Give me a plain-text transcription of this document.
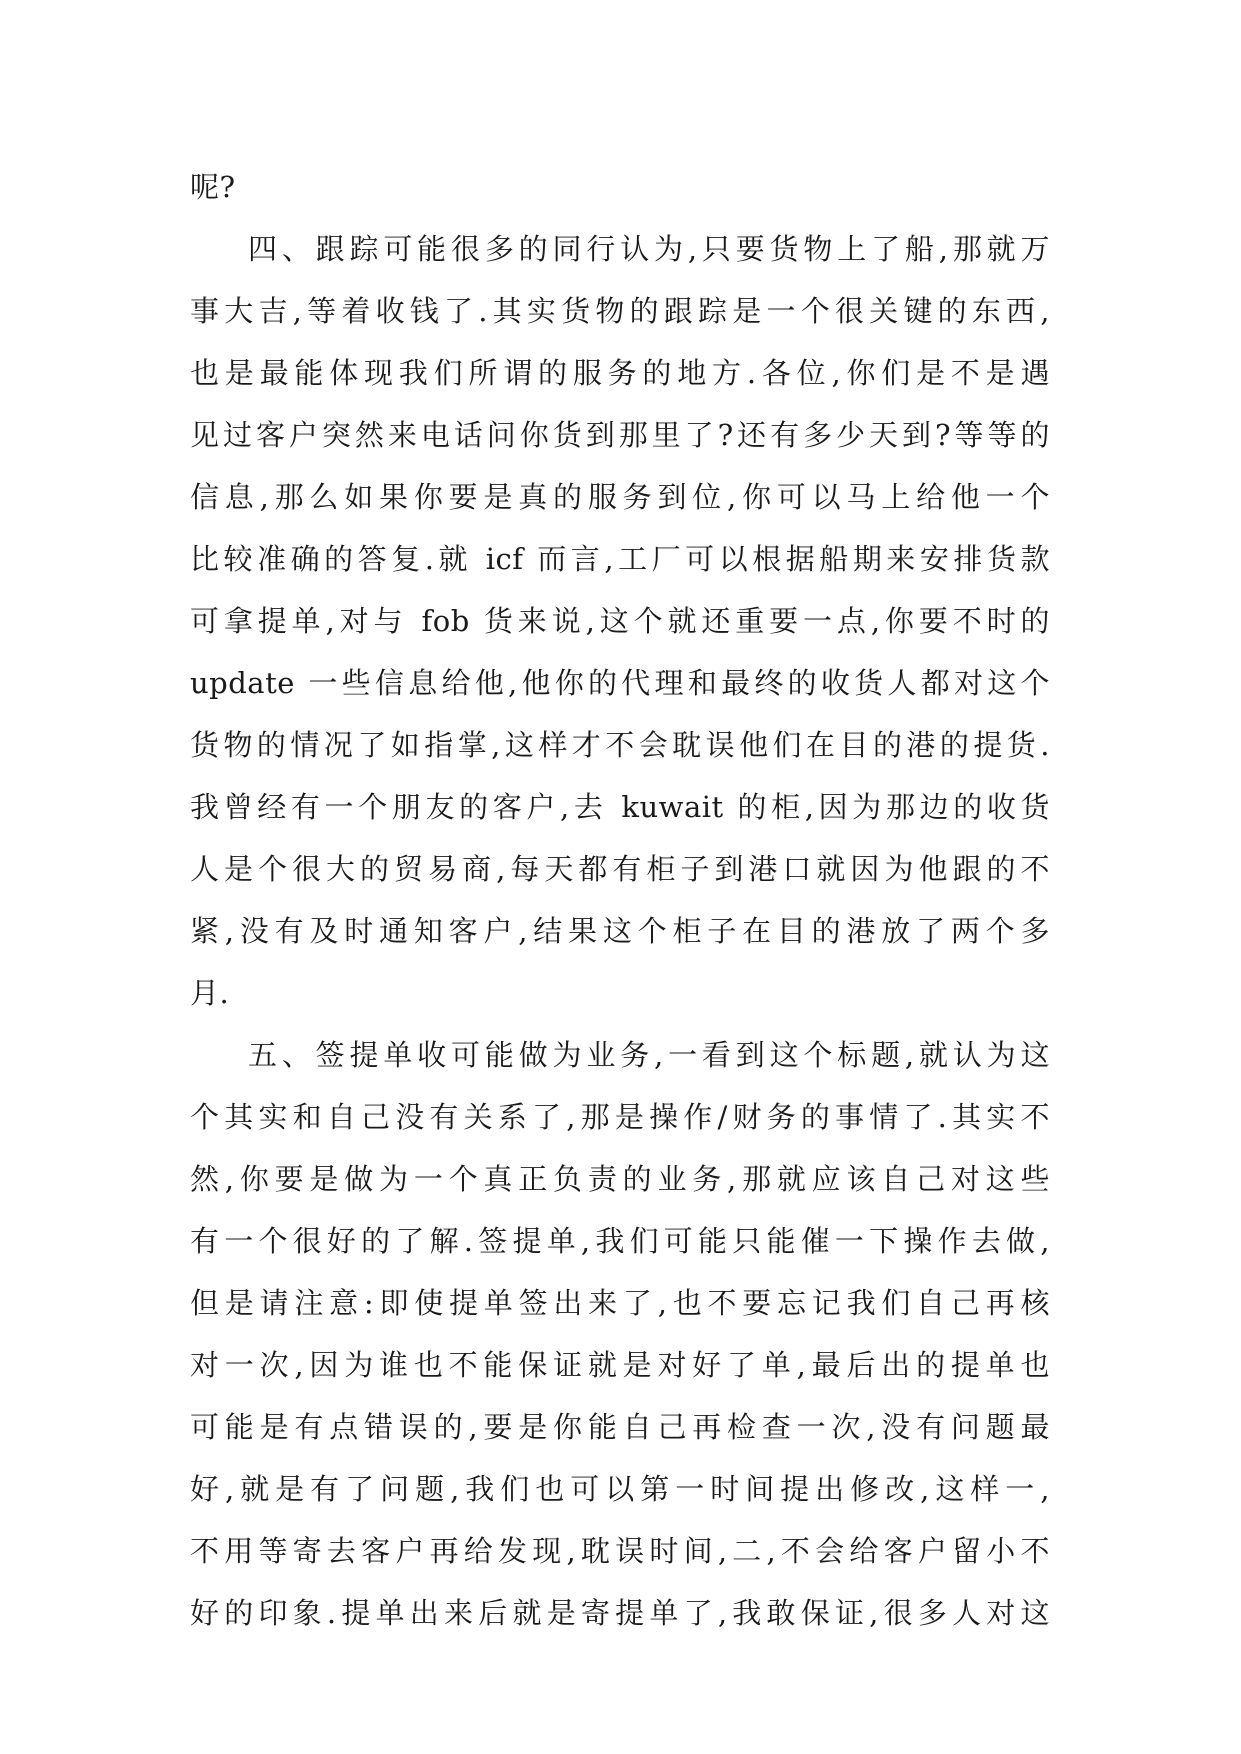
呢?
四、跟踪可能很多的同行认为,只要货物上了船,那就万
事大吉,等着收钱了.其实货物的跟踪是一个很关键的东西,
也是最能体现我们所谓的服务的地方.各位,你们是不是遇
见过客户突然来电话问你货到那里了?还有多少天到?等等的
信息,那么如果你要是真的服务到位,你可以马上给他一个
比较准确的答复.就 icf 而言,工厂可以根据船期来安排货款
可拿提单,对与 fob 货来说,这个就还重要一点,你要不时的
update 一些信息给他,他你的代理和最终的收货人都对这个
货物的情况了如指掌,这样才不会耽误他们在目的港的提货.
我曾经有一个朋友的客户,去 kuwait 的柜,因为那边的收货
人是个很大的贸易商,每天都有柜子到港口就因为他跟的不
紧,没有及时通知客户,结果这个柜子在目的港放了两个多
月.
五、签提单收可能做为业务,一看到这个标题,就认为这
个其实和自己没有关系了,那是操作/财务的事情了.其实不
然,你要是做为一个真正负责的业务,那就应该自己对这些
有一个很好的了解.签提单,我们可能只能催一下操作去做,
但是请注意:即使提单签出来了,也不要忘记我们自己再核
对一次,因为谁也不能保证就是对好了单,最后出的提单也
可能是有点错误的,要是你能自己再检查一次,没有问题最
好,就是有了问题,我们也可以第一时间提出修改,这样一,
不用等寄去客户再给发现,耽误时间,二,不会给客户留小不
好的印象.提单出来后就是寄提单了,我敢保证,很多人对这
